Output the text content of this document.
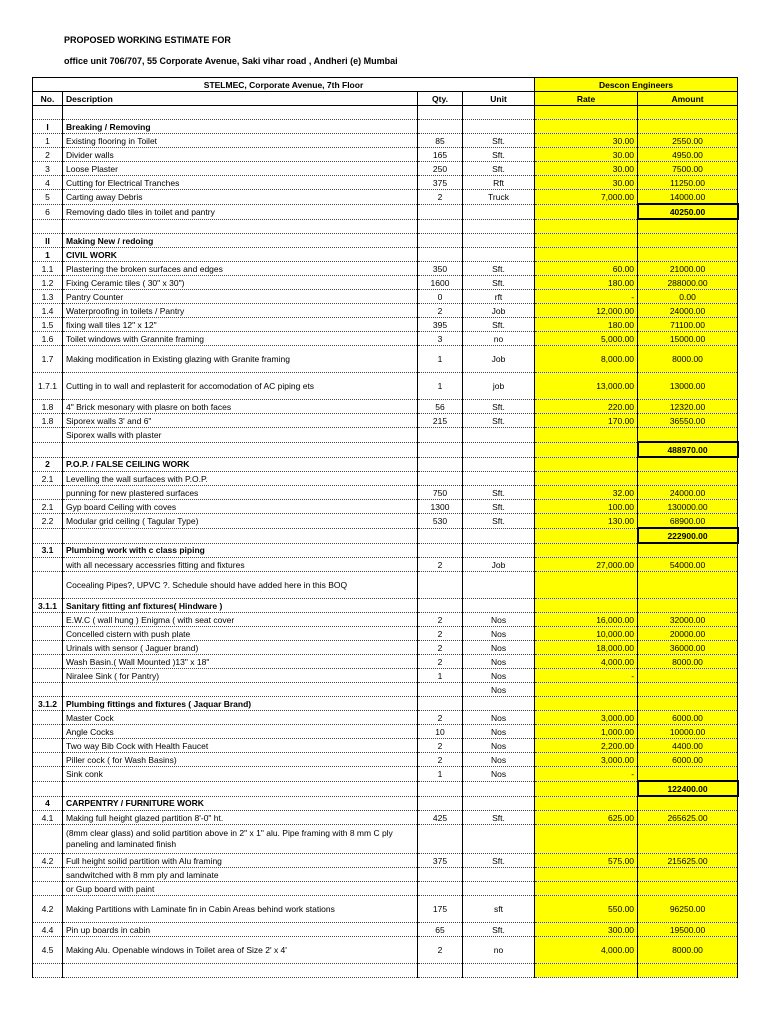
PROPOSED WORKING ESTIMATE FOR
office unit 706/707, 55 Corporate Avenue, Saki vihar road , Andheri (e) Mumbai
STELMEC, Corporate Avenue, 7th Floor				Descon Engineers	
No.	Description	Qty.	Unit	Rate	Amount

I	Breaking / Removing				
1	Existing flooring in Toilet	85	Sft.	30.00	2550.00
2	Divider walls	165	Sft.	30.00	4950.00
3	Loose Plaster	250	Sft.	30.00	7500.00
4	Cutting for Electrical Tranches	375	Rft	30.00	11250.00
5	Carting away Debris	2	Truck	7,000.00	14000.00
6	Removing dado tiles in toilet and pantry				40250.00

II	Making New / redoing				
1	CIVIL WORK				
1.1	Plastering the broken surfaces and edges	350	Sft.	60.00	21000.00
1.2	Fixing Ceramic tiles ( 30" x 30")	1600	Sft.	180.00	288000.00
1.3	Pantry Counter	0	rft	-	0.00
1.4	Waterproofing in toilets / Pantry	2	Job	12,000.00	24000.00
1.5	fixing wall tiles 12" x 12"	395	Sft.	180.00	71100.00
1.6	Toilet windows with Grannite framing	3	no	5,000.00	15000.00
1.7	Making modification in Existing glazing with Granite framing	1	Job	8,000.00	8000.00
1.7.1	Cutting in to wall and replasterit for accomodation of AC piping ets	1	job	13,000.00	13000.00
1.8	4" Brick mesonary with plasre on both faces	56	Sft.	220.00	12320.00
1.8	Siporex walls 3' and 6"	215	Sft.	170.00	36550.00
	Siporex walls with plaster				
					488970.00
2	P.O.P. / FALSE CEILING WORK				
2.1	Levelling the wall surfaces with P.O.P.				
	punning for new plastered surfaces	750	Sft.	32.00	24000.00
2.1	Gyp board Ceiling with coves	1300	Sft.	100.00	130000.00
2.2	Modular grid ceiling ( Tagular Type)	530	Sft.	130.00	68900.00
					222900.00
3.1	Plumbing work with c class piping				
	with all necessary accessries fitting and fixtures	2	Job	27,000.00	54000.00
	Cocealing Pipes?, UPVC ?. Schedule should have added here in this BOQ				
3.1.1	Sanitary fitting anf fixtures( Hindware )				
	E.W.C ( wall hung ) Enigma ( with seat cover	2	Nos	16,000.00	32000.00
	Concelled cistern with push plate	2	Nos	10,000.00	20000.00
	Urinals with sensor ( Jaguer brand)	2	Nos	18,000.00	36000.00
	Wash Basin.( Wall Mounted )13" x 18"	2	Nos	4,000.00	8000.00
	Niralee Sink ( for Pantry)	1	Nos	-	
			Nos		
3.1.2	Plumbing fittings and fixtures ( Jaquar Brand)				
	Master Cock	2	Nos	3,000.00	6000.00
	Angle Cocks	10	Nos	1,000.00	10000.00
	Two way Bib Cock with Health Faucet	2	Nos	2,200.00	4400.00
	Piller cock ( for Wash Basins)	2	Nos	3,000.00	6000.00
	Sink conk	1	Nos	-	
					122400.00
4	CARPENTRY / FURNITURE WORK				
4.1	Making full height glazed partition 8'-0" ht.	425	Sft.	625.00	265625.00
	(8mm clear glass) and solid partition above in 2" x 1" alu. Pipe framing with 8 mm C ply paneling and laminated finish				
4.2	Full height soilid partition with Alu framing	375	Sft.	575.00	215625.00
	sandwitched with 8 mm ply and laminate				
	or Gup board with paint				
4.2	Making Partitions with Laminate fin in Cabin Areas behind work stations	175	sft	550.00	96250.00
4.4	Pin up boards in cabin	65	Sft.	300.00	19500.00
4.5	Making Alu. Openable windows in Toilet area of Size 2' x 4'	2	no	4,000.00	8000.00
